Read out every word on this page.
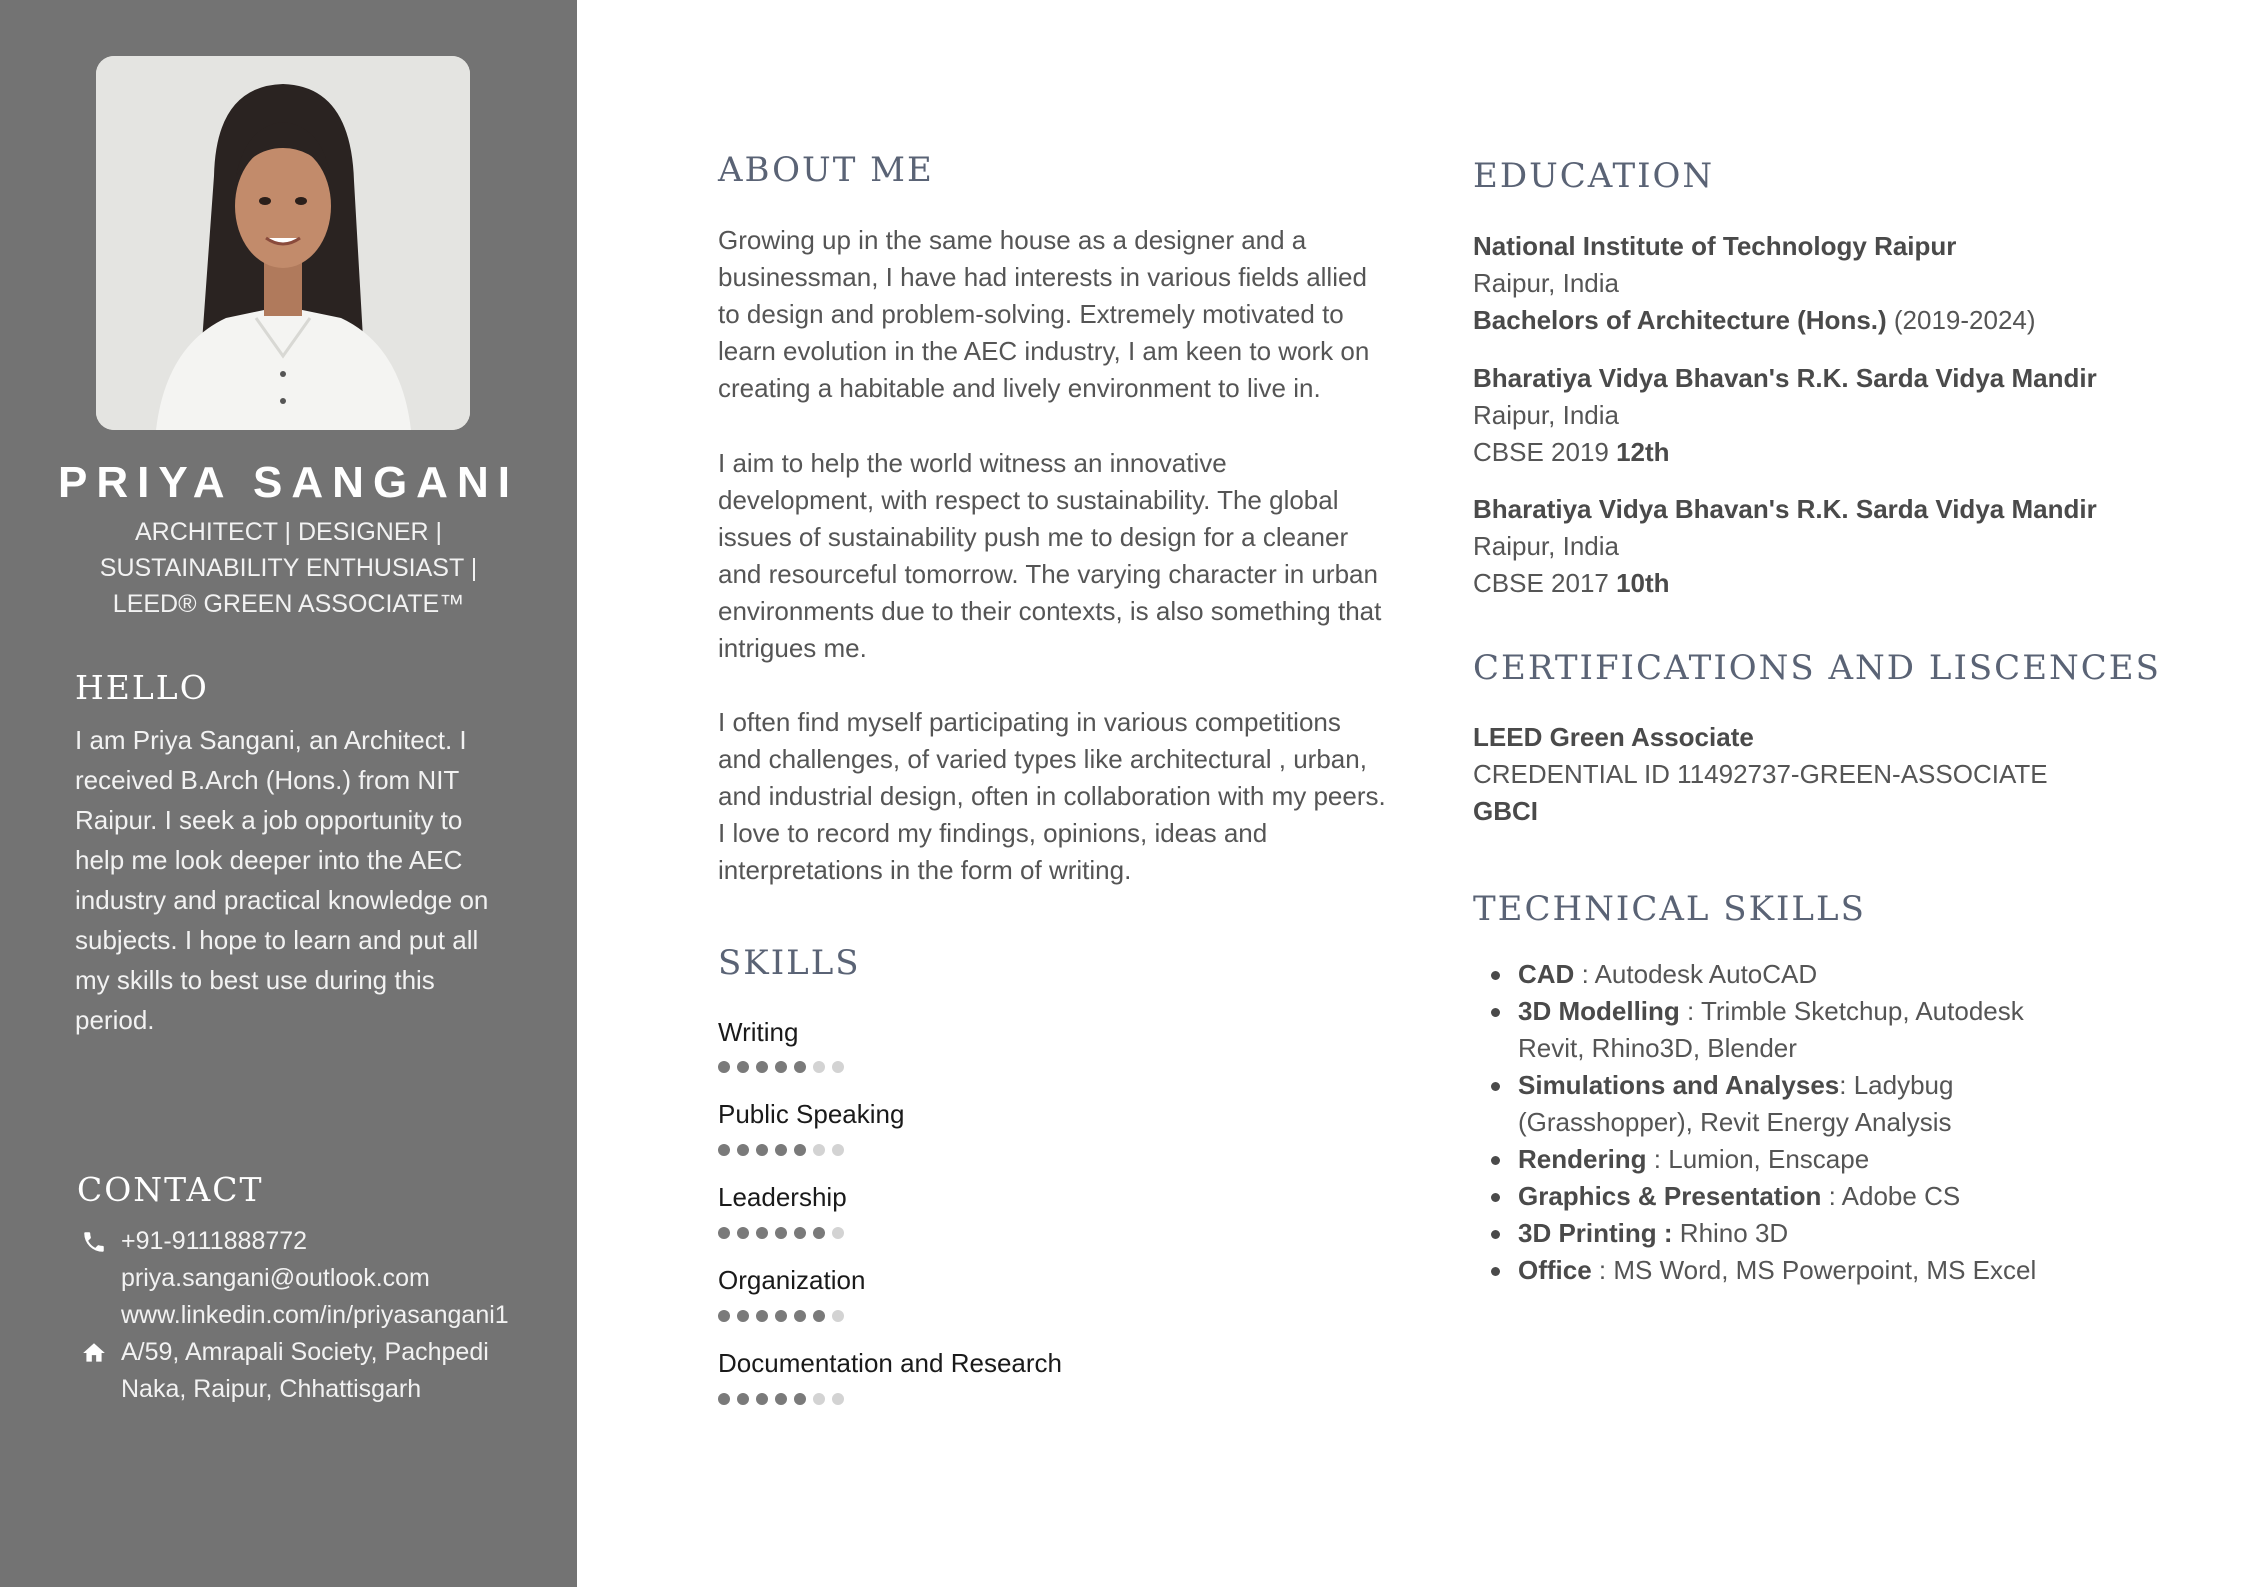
PRIYA SANGANI
ARCHITECT | DESIGNER |
SUSTAINABILITY ENTHUSIAST |
LEED® GREEN ASSOCIATE™
HELLO
I am Priya Sangani, an Architect. I received B.Arch (Hons.) from NIT Raipur. I seek a job opportunity to help me look deeper into the AEC industry and practical knowledge on subjects. I hope to learn and put all my skills to best use during this period.
CONTACT
+91-9111888772
priya.sangani@outlook.com
www.linkedin.com/in/priyasangani1
A/59, Amrapali Society, Pachpedi
Naka, Raipur, Chhattisgarh
ABOUT ME

Growing up in the same house as a designer and a businessman, I have had interests in various fields allied to design and problem-solving. Extremely motivated to learn evolution in the AEC industry, I am keen to work on creating a habitable and lively environment to live in.

I aim to help the world witness an innovative development, with respect to sustainability. The global issues of sustainability push me to design for a cleaner and resourceful tomorrow. The varying character in urban environments due to their contexts, is also something that intrigues me.

I often find myself participating in various competitions and challenges, of varied types like architectural , urban, and industrial design, often in collaboration with my peers. I love to record my findings, opinions, ideas and interpretations in the form of writing.

SKILLS
Writing
Public Speaking
Leadership
Organization
Documentation and Research
EDUCATION
National Institute of Technology Raipur
Raipur, India
Bachelors of Architecture (Hons.) (2019-2024)
Bharatiya Vidya Bhavan's R.K. Sarda Vidya Mandir
Raipur, India
CBSE 2019 12th
Bharatiya Vidya Bhavan's R.K. Sarda Vidya Mandir
Raipur, India
CBSE 2017 10th
CERTIFICATIONS AND LISCENCES
LEED Green Associate
CREDENTIAL ID 11492737-GREEN-ASSOCIATE
GBCI
TECHNICAL SKILLS
CAD : Autodesk AutoCAD
3D Modelling : Trimble Sketchup, Autodesk Revit, Rhino3D, Blender
Simulations and Analyses: Ladybug (Grasshopper), Revit Energy Analysis
Rendering : Lumion, Enscape
Graphics & Presentation : Adobe CS
3D Printing : Rhino 3D
Office : MS Word, MS Powerpoint, MS Excel
